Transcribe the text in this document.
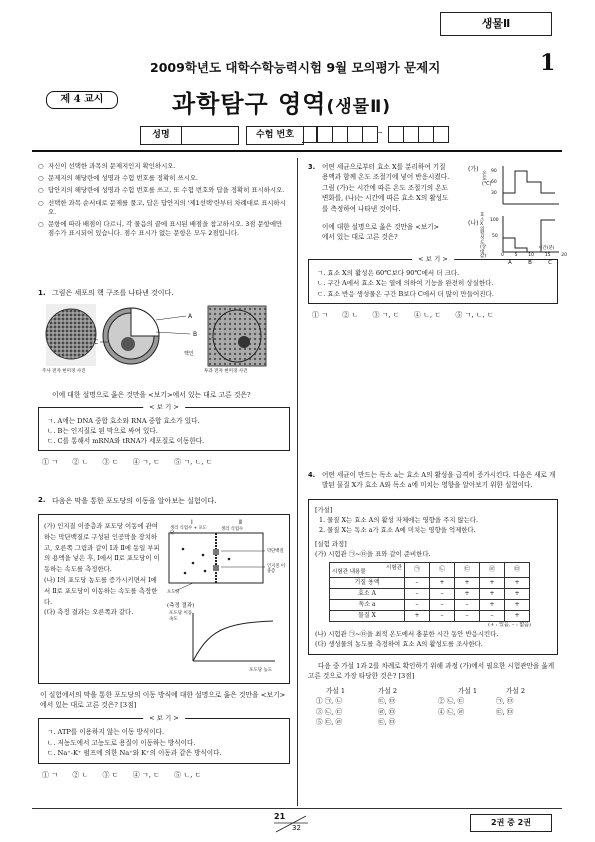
생물Ⅱ
2009학년도 대학수학능력시험 9월 모의평가 문제지	1
제 4 교시	과학탐구 영역(생물Ⅱ)
성명	수험 번호	–
○ 자신이 선택한 과목의 문제지인지 확인하시오.
○ 문제지의 해당란에 성명과 수험 번호를 정확히 쓰시오.
○ 답안지의 해당란에 성명과 수험 번호를 쓰고, 또 수험 번호와 답을 정확히 표시하시오.
○ 선택한 과목 순서대로 문제를 풀고, 답은 답안지의 '제1선택'란부터 차례대로 표시하시오.
○ 문항에 따라 배점이 다르니, 각 물음의 끝에 표시된 배점을 참고하시오. 3점 문항에만 점수가 표시되어 있습니다. 점수 표시가 없는 문항은 모두 2점입니다.
1. 그림은 세포의 핵 구조를 나타낸 것이다.
A
B
C
핵인
주사 전자 현미경 사진	투과 전자 현미경 사진
이에 대한 설명으로 옳은 것만을 <보기>에서 있는 대로 고른 것은?
< 보 기 >
ㄱ. A에는 DNA 중합 효소와 RNA 중합 효소가 있다.
ㄴ. B는 인지질로 된 막으로 싸여 있다.
ㄷ. C를 통해서 mRNA와 tRNA가 세포질로 이동한다.
① ㄱ ② ㄴ ③ ㄷ ④ ㄱ, ㄷ ⑤ ㄱ, ㄴ, ㄷ
2. 다음은 막을 통한 포도당의 이동을 알아보는 실험이다.
(가) 인지질 이중층과 포도당 이동에 관여하는 막단백질로 구성된 인공막을 장치하고, 오른쪽 그림과 같이 Ⅰ과 Ⅱ에 동일 부피의 용액을 넣은 후, Ⅰ에서 Ⅱ로 포도당이 이동하는 속도를 측정한다.
(나) Ⅰ의 포도당 농도를 증가시키면서 Ⅰ에서 Ⅱ로 포도당이 이동하는 속도를 측정한다.
(다) 측정 결과는 오른쪽과 같다.
Ⅰ	Ⅱ
생리 식염수 + 포도당
생리 식염수
막단백질
인지질 이중층
포도당
(측정 결과)
포도당 이동 속도
포도당 농도
이 실험에서의 막을 통한 포도당의 이동 방식에 대한 설명으로 옳은 것만을 <보기>에서 있는 대로 고른 것은? [3점]
< 보 기 >
ㄱ. ATP를 이용하지 않는 이동 방식이다.
ㄴ. 저농도에서 고농도로 용질이 이동하는 방식이다.
ㄷ. Na⁺-K⁺ 펌프에 의한 Na⁺와 K⁺의 이동과 같은 방식이다.
① ㄱ ② ㄴ ③ ㄷ ④ ㄱ, ㄷ ⑤ ㄴ, ㄷ
3.	어떤 세균으로부터 효소 X를 분리하여 기질 용액과 함께 온도 조절기에 넣어 반응시켰다. 그림 (가)는 시간에 따른 온도 조절기의 온도 변화를, (나)는 시간에 따른 효소 X의 활성도를 측정하여 나타낸 것이다.
이에 대한 설명으로 옳은 것만을 <보기>에서 있는 대로 고른 것은?
(가)
온도(℃)
90
60
30
(나)
효소 X의 활성도(상대값)
100
50
0 5 10 15 20
시간(분)
A	B	C
< 보 기 >
ㄱ. 효소 X의 활성은 60℃보다 90℃에서 더 크다.
ㄴ. 구간 A에서 효소 X는 열에 의하여 기능을 완전히 상실한다.
ㄷ. 효소 반응 생성물은 구간 B보다 C에서 더 많이 만들어진다.
① ㄱ ② ㄴ ③ ㄱ, ㄷ ④ ㄴ, ㄷ ⑤ ㄱ, ㄴ, ㄷ
4.	어떤 세균이 만드는 독소 a는 효소 A의 활성을 급격히 증가시킨다. 다음은 새로 개발된 물질 X가 효소 A와 독소 a에 미치는 영향을 알아보기 위한 실험이다.
[가설]
1. 물질 X는 효소 A의 활성 자체에는 영향을 주지 않는다.
2. 물질 X는 독소 a가 효소 A에 미치는 영향을 억제한다.
[실험 과정]
(가) 시험관 ㉠~㉤을 표와 같이 준비한다.
시험관
시험관 내용물	㉠	㉡	㉢	㉣	㉤
기질 용액	–	+	+	+	+
효소 A	–	–	+	+	+
독소 a	–	–	–	+	+
물질 X	+	–	–	–	+
(+ : 있음, – : 없음)
(나) 시험관 ㉠~㉤을 최적 온도에서 충분한 시간 동안 반응시킨다.
(다) 생성물의 농도를 측정하여 효소 A의 활성도를 조사한다.
다음 중 가설 1과 2를 차례로 확인하기 위해 과정 (가)에서 필요한 시험관만을 옳게 고른 것으로 가장 타당한 것은? [3점]
가설 1	가설 2	가설 1	가설 2
① ㉠, ㉡	㉢, ㉤	② ㉡, ㉢	㉠, ㉤
③ ㉡, ㉢	㉣, ㉤	④ ㉡, ㉣	㉢, ㉤
⑤ ㉢, ㉣	㉢, ㉤
21
32
2권 중 2권
